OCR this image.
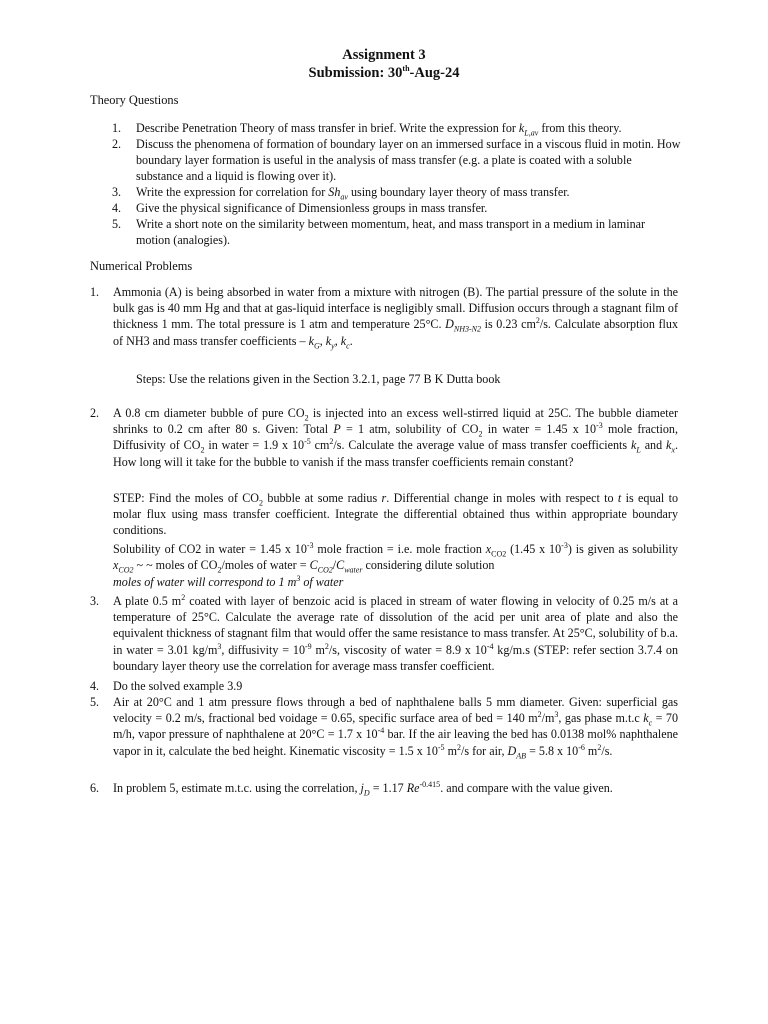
Assignment 3
Submission: 30th-Aug-24
Theory Questions
1. Describe Penetration Theory of mass transfer in brief. Write the expression for $k_{L,av}$ from this theory.
2. Discuss the phenomena of formation of boundary layer on an immersed surface in a viscous fluid in motin. How boundary layer formation is useful in the analysis of mass transfer (e.g. a plate is coated with a soluble substance and a liquid is flowing over it).
3. Write the expression for correlation for $Sh_{av}$ using boundary layer theory of mass transfer.
4. Give the physical significance of Dimensionless groups in mass transfer.
5. Write a short note on the similarity between momentum, heat, and mass transport in a medium in laminar motion (analogies).
Numerical Problems
1. Ammonia (A) is being absorbed in water from a mixture with nitrogen (B). The partial pressure of the solute in the bulk gas is 40 mm Hg and that at gas-liquid interface is negligibly small. Diffusion occurs through a stagnant film of thickness 1 mm. The total pressure is 1 atm and temperature 25°C. $D_{NH3-N2}$ is 0.23 $cm^2/s$. Calculate absorption flux of NH3 and mass transfer coefficients – $k_G$, $k_y$, $k_c$.
Steps: Use the relations given in the Section 3.2.1, page 77 B K Dutta book
2. A 0.8 cm diameter bubble of pure $CO_2$ is injected into an excess well-stirred liquid at 25C. The bubble diameter shrinks to 0.2 cm after 80 s. Given: Total P = 1 atm, solubility of $CO_2$ in water = 1.45 x $10^{-3}$ mole fraction, Diffusivity of $CO_2$ in water = 1.9 x $10^{-5}$ $cm^2/s$. Calculate the average value of mass transfer coefficients $k_L$ and $k_x$. How long will it take for the bubble to vanish if the mass transfer coefficients remain constant?
STEP: Find the moles of $CO_2$ bubble at some radius r. Differential change in moles with respect to t is equal to molar flux using mass transfer coefficient. Integrate the differential obtained thus within appropriate boundary conditions.
Solubility of CO2 in water = 1.45 x $10^{-3}$ mole fraction = i.e. mole fraction $x_{CO2}$ (1.45 x $10^{-3}$) is given as solubility $x_{CO2}$ ~ ~ moles of $CO_2$/moles of water = $C_{CO2}/C_{water}$ considering dilute solution
moles of water will correspond to 1 $m^3$ of water
3. A plate 0.5 $m^2$ coated with layer of benzoic acid is placed in stream of water flowing in velocity of 0.25 m/s at a temperature of 25°C. Calculate the average rate of dissolution of the acid per unit area of plate and also the equivalent thickness of stagnant film that would offer the same resistance to mass transfer. At 25°C, solubility of b.a. in water = 3.01 $kg/m^3$, diffusivity = $10^{-9}$ $m^2/s$, viscosity of water = 8.9 x $10^{-4}$ kg/m.s (STEP: refer section 3.7.4 on boundary layer theory use the correlation for average mass transfer coefficient.
4. Do the solved example 3.9
5. Air at 20°C and 1 atm pressure flows through a bed of naphthalene balls 5 mm diameter. Given: superficial gas velocity = 0.2 m/s, fractional bed voidage = 0.65, specific surface area of bed = 140 $m^2/m^3$, gas phase m.t.c $k_c = 70$ m/h, vapor pressure of naphthalene at 20°C = 1.7 x $10^{-4}$ bar. If the air leaving the bed has 0.0138 mol% naphthalene vapor in it, calculate the bed height. Kinematic viscosity = 1.5 x $10^{-5}$ $m^2/s$ for air, $D_{AB} = 5.8$ x $10^{-6}$ $m^2/s$.
6. In problem 5, estimate m.t.c. using the correlation, $j_D = 1.17$ $Re^{-0.415}$. and compare with the value given.
